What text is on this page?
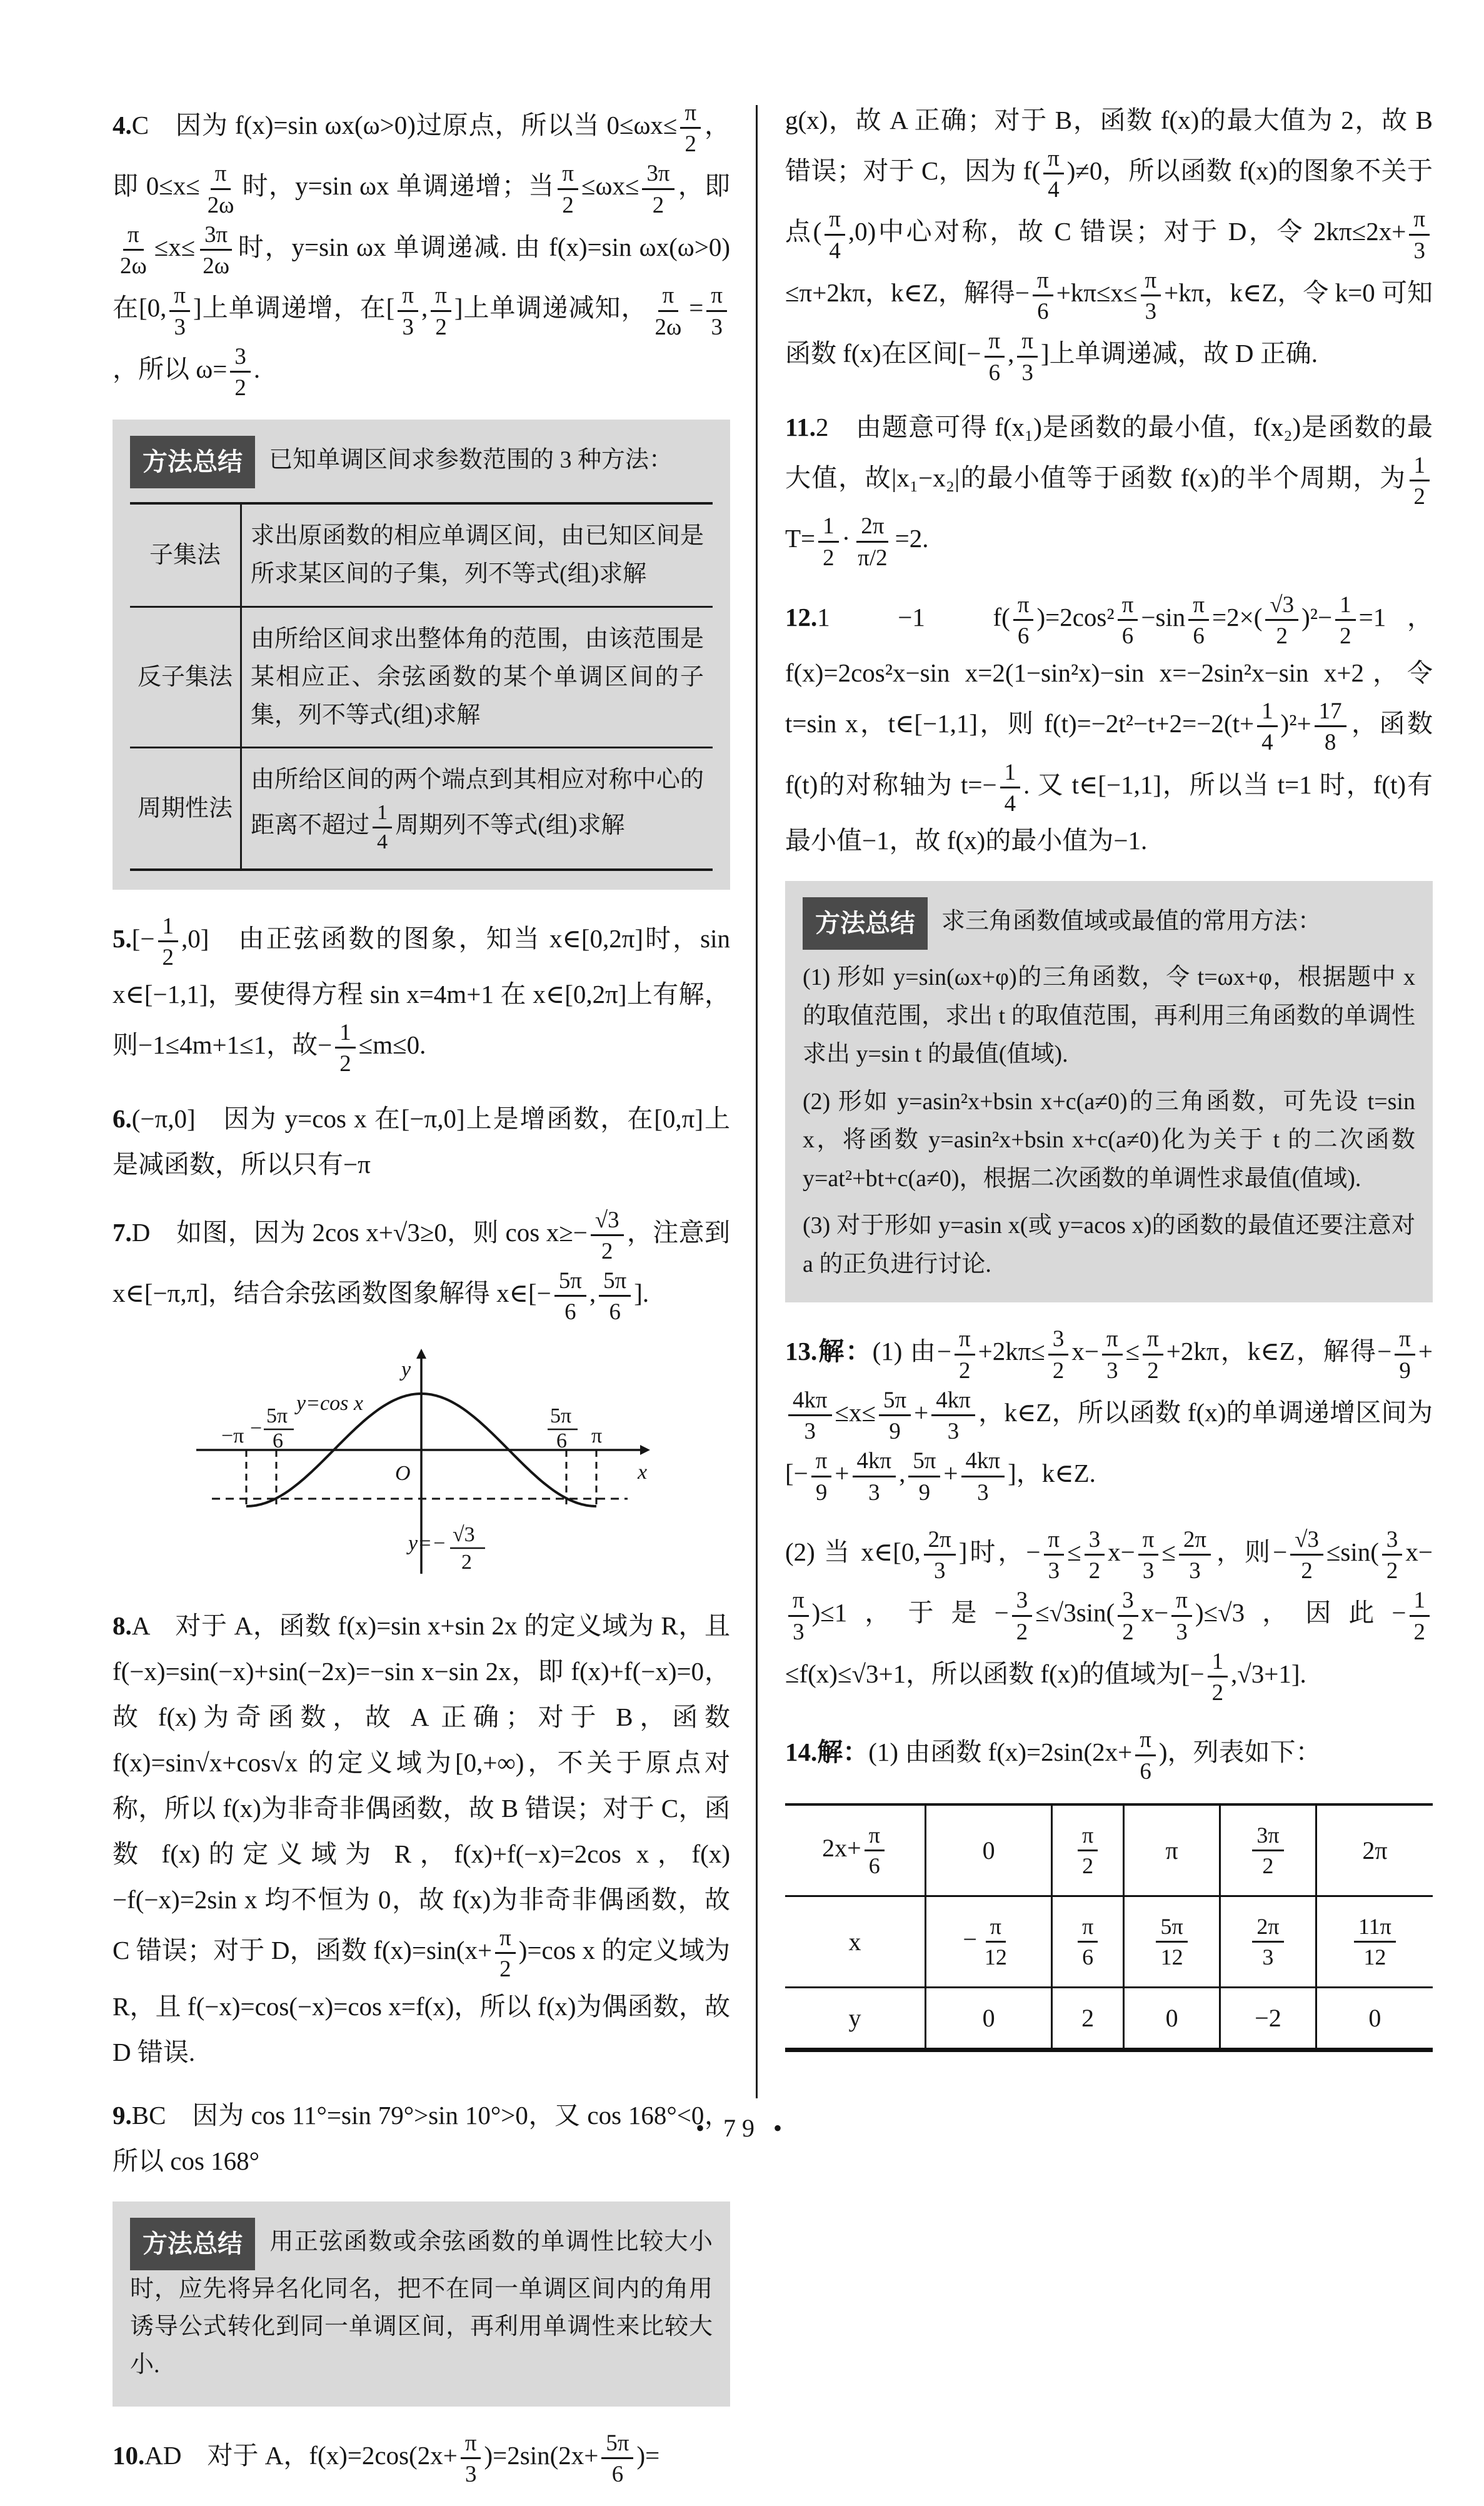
4.C　因为 f(x)=sin ωx(ω>0)过原点，所以当 $0\le\omega x\le \frac{\pi}{2}$ ，即 $0\le x\le \frac{\pi}{2\omega}$ 时，y=sin ωx 单调递增；当 $\frac{\pi}{2} \le\omega x\le \frac{3\pi}{2}$ ，即
$\frac{\pi}{2\omega} \le x\le \frac{3\pi}{2\omega}$ 时，y=sin ωx 单调递减. 由 f(x)=sin ωx(ω>0)在[0, $\frac{\pi}{3}$ ]上单调递增，在[ $\frac{\pi}{3}$ , $\frac{\pi}{2}$ ]上单调递减知， $\frac{\pi}{2\omega} = \frac{\pi}{3}$
，所以 $\omega= \frac{3}{2}$ .

方法总结 已知单调区间求参数范围的 3 种方法：

子集法	求出原函数的相应单调区间，由已知区间是所求某区间的子集，列不等式(组)求解
反子集法	由所给区间求出整体角的范围，由该范围是某相应正、余弦函数的某个单调区间的子集，列不等式(组)求解
周期性法	由所给区间的两个端点到其相应对称中心的距离不超过 $\frac{1}{4}$ 周期列不等式(组)求解

$5.[- \frac{1}{2} ,0]$　由正弦函数的图象，知当 x∈[0,2π]时，sin x∈[−1,1]，要使得方程 sin x=4m+1 在 x∈[0,2π]上有解，则−1≤4m+1≤1，故− $\frac{1}{2} \le m\le 0$.

6.(−π,0]　因为 y=cos x 在[−π,0]上是增函数，在[0,π]上是减函数，所以只有−π

7.D　如图，因为 2cos x+√3≥0，则 $\cos x\ge- \frac{√3}{2}$ ，注意到 x∈[−π,π]，结合余弦函数图象解得 x∈[− $\frac{5\pi}{6}$ , $\frac{5\pi}{6}$ ].

y
x
O
y=cos x
−π −
5π
6
5π
6 π
y=− √3
2

8.A　对于 A，函数 f(x)=sin x+sin 2x 的定义域为 R，且 f(−x)=sin(−x)+sin(−2x)=−sin x−sin 2x，即 f(x)+f(−x)=0，故 f(x)为奇函数，故 A 正确；对于 B，函数 f(x)=sin√x+cos√x 的定义域为[0,+∞)，不关于原点对称，所以 f(x)为非奇非偶函数，故 B 错误；对于 C，函数 f(x)的定义域为 R，f(x)+f(−x)=2cos x，f(x)−f(−x)=2sin x 均不恒为 0，故 f(x)为非奇非偶函数，故 C 错误；对于 D，函数 $f(x)=\sin(x+ \frac{\pi}{2} )=\cos$ x 的定义域为 R，且 f(−x)=cos(−x)=cos x=f(x)，所以 f(x)为偶函数，故 D 错误.

9.BC　因为 cos 11°=sin 79°>sin 10°>0，又 cos 168°<0，所以 cos 168°

方法总结 用正弦函数或余弦函数的单调性比较大小时，应先将异名化同名，把不在同一单调区间内的角用诱导公式转化到同一单调区间，再利用单调性来比较大小.

10.AD　对于 A，$f(x)=2\cos(2x+ \frac{\pi}{3} )=2\sin(2x+ \frac{5\pi}{6}$ )=

g(x)，故 A 正确；对于 B，函数 f(x)的最大值为 2，故 B 错误；对于 C，因为 $f( \frac{\pi}{4} )\ne 0$，所以函数 f(x)的图象不关于点( $\frac{\pi}{4} ,0$)中心对称，故 C 错误；对于 D，令 $2k\pi\le 2x+ \frac{\pi}{3}$
≤π+2kπ，k∈Z，解得− $\frac{\pi}{6} +k\pi\le x\le \frac{\pi}{3} +k\pi$，k∈Z，令 k=0 可知函数 f(x)在区间[− $\frac{\pi}{6}$ , $\frac{\pi}{3}$ ]上单调递减，故 D 正确.

11.2　由题意可得 f(x₁)是函数的最小值，f(x₂)是函数的最大值，故|x₁−x₂|的最小值等于函数 f(x)的半个周期，为 $\frac{1}{2}$
$T= \frac{1}{2} \cdot \frac{2\pi}{\pi/2} =2$.

12.1　−1　$f( \frac{\pi}{6} )=2\cos^2 \frac{\pi}{6} -\sin \frac{\pi}{6} =2\times( \frac{√3}{2} )^2- \frac{1}{2} =1$，f(x)=2cos²x−sin x=2(1−sin²x)−sin x=−2sin²x−sin x+2，令 t=sin x，t∈[−1,1]，则 $f(t)=-2t^2-t+2=-2(t+ \frac{1}{4} )^2+ \frac{17}{8}$ ，函数 f(t)的对称轴为 $t=- \frac{1}{4}$ . 又 t∈[−1,1]，所以当 t=1 时，f(t)有最小值−1，故 f(x)的最小值为−1.

方法总结 求三角函数值域或最值的常用方法：

(1) 形如 y=sin(ωx+φ)的三角函数，令 t=ωx+φ，根据题中 x 的取值范围，求出 t 的取值范围，再利用三角函数的单调性求出 y=sin t 的最值(值域).

(2) 形如 y=asin²x+bsin x+c(a≠0)的三角函数，可先设 t=sin x，将函数 y=asin²x+bsin x+c(a≠0)化为关于 t 的二次函数 y=at²+bt+c(a≠0)，根据二次函数的单调性求最值(值域).

(3) 对于形如 y=asin x(或 y=acos x)的函数的最值还要注意对 a 的正负进行讨论.

13.解：(1) 由− $\frac{\pi}{2} +2k\pi\le \frac{3}{2} x- \frac{\pi}{3} \le \frac{\pi}{2} +2k\pi$，k∈Z，解得− $\frac{\pi}{9}$ +
$\frac{4k\pi}{3} \le x\le \frac{5\pi}{9} + \frac{4k\pi}{3}$ ，k∈Z，所以函数 f(x)的单调递增区间为[− $\frac{\pi}{9} + \frac{4k\pi}{3}$ , $\frac{5\pi}{9} + \frac{4k\pi}{3}$ ]，k∈Z.

(2) 当 x∈[0, $\frac{2\pi}{3}$ ]时，− $\frac{\pi}{3} \le \frac{3}{2} x- \frac{\pi}{3} \le \frac{2\pi}{3}$ ，则− $\frac{√3}{2} \le\sin( \frac{3}{2} x-$
$\frac{\pi}{3} )\le 1$，于是− $\frac{3}{2} \le√3\sin( \frac{3}{2} x- \frac{\pi}{3} )\le√3$，因此− $\frac{1}{2}$
≤f(x)≤√3+1，所以函数 f(x)的值域为[− $\frac{1}{2} ,√3+1$].

14.解：(1) 由函数 $f(x)=2\sin(2x+ \frac{\pi}{6}$ )，列表如下：

$2x+ \frac{\pi}{6}$	0	$\frac{\pi}{2}$	π	$\frac{3\pi}{2}$	2π
x	− $\frac{\pi}{12}$	$\frac{\pi}{6}$	$\frac{5\pi}{12}$	$\frac{2\pi}{3}$	$\frac{11\pi}{12}$

y	0	2	0	−2	0
• 79 •
